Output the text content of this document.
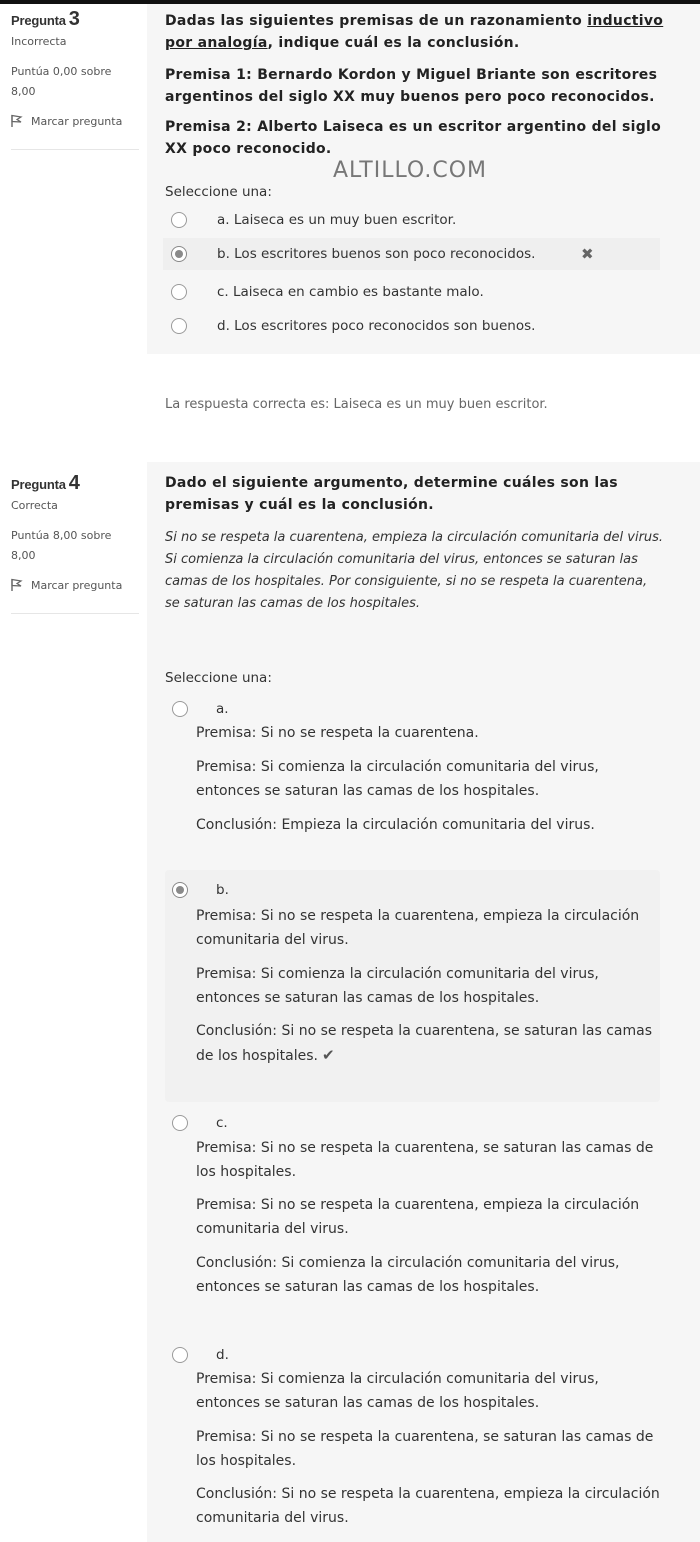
Pregunta 3
Incorrecta
Puntúa 0,00 sobre 8,00
Marcar pregunta
Dadas las siguientes premisas de un razonamiento inductivo por analogía, indique cuál es la conclusión.
Premisa 1: Bernardo Kordon y Miguel Briante son escritores argentinos del siglo XX muy buenos pero poco reconocidos.
Premisa 2: Alberto Laiseca es un escritor argentino del siglo XX poco reconocido.
Seleccione una:
a. Laiseca es un muy buen escritor.
b. Los escritores buenos son poco reconocidos.	✖
c. Laiseca en cambio es bastante malo.
d. Los escritores poco reconocidos son buenos.
ALTILLO.COM
La respuesta correcta es: Laiseca es un muy buen escritor.
Pregunta 4
Correcta
Puntúa 8,00 sobre 8,00
Marcar pregunta
Dado el siguiente argumento, determine cuáles son las premisas y cuál es la conclusión.
Si no se respeta la cuarentena, empieza la circulación comunitaria del virus. Si comienza la circulación comunitaria del virus, entonces se saturan las camas de los hospitales. Por consiguiente, si no se respeta la cuarentena, se saturan las camas de los hospitales.
Seleccione una:
a.
Premisa: Si no se respeta la cuarentena.
Premisa: Si comienza la circulación comunitaria del virus, entonces se saturan las camas de los hospitales.
Conclusión: Empieza la circulación comunitaria del virus.
b.
Premisa: Si no se respeta la cuarentena, empieza la circulación comunitaria del virus.
Premisa: Si comienza la circulación comunitaria del virus, entonces se saturan las camas de los hospitales.
Conclusión: Si no se respeta la cuarentena, se saturan las camas de los hospitales. ✔
c.
Premisa: Si no se respeta la cuarentena, se saturan las camas de los hospitales.
Premisa: Si no se respeta la cuarentena, empieza la circulación comunitaria del virus.
Conclusión: Si comienza la circulación comunitaria del virus, entonces se saturan las camas de los hospitales.
d.
Premisa: Si comienza la circulación comunitaria del virus, entonces se saturan las camas de los hospitales.
Premisa: Si no se respeta la cuarentena, se saturan las camas de los hospitales.
Conclusión: Si no se respeta la cuarentena, empieza la circulación comunitaria del virus.
